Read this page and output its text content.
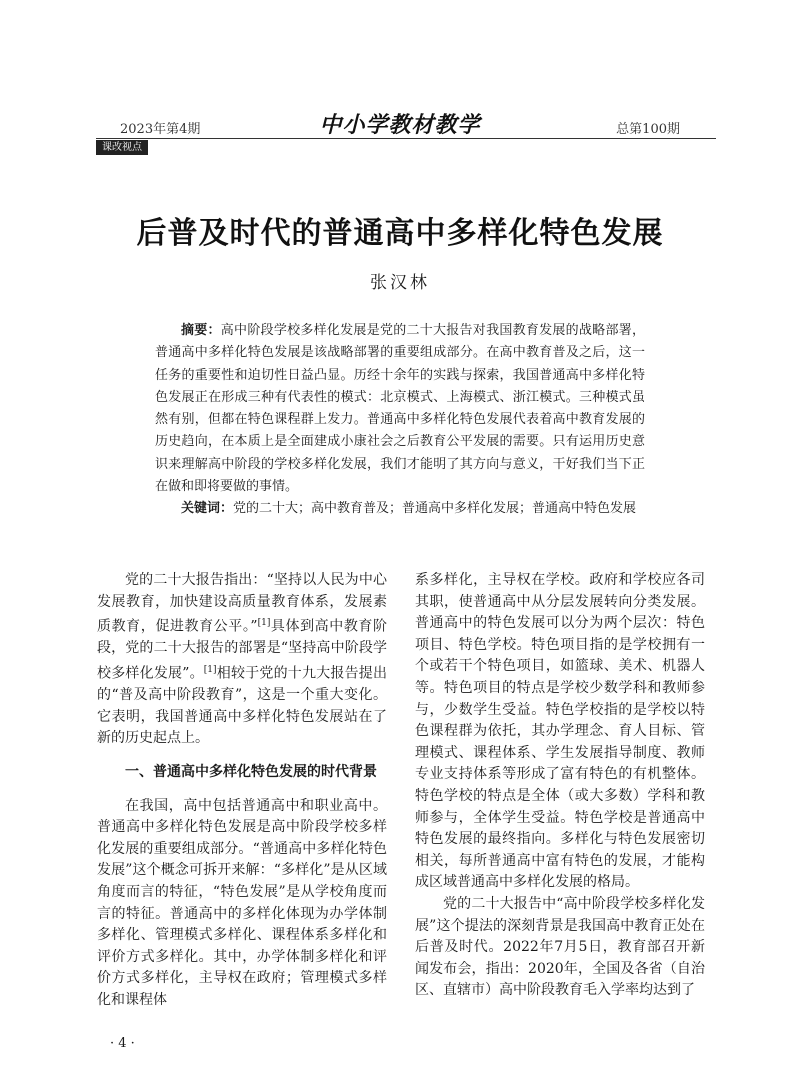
2023年第4期	中小学教材教学	总第100期
课改视点
后普及时代的普通高中多样化特色发展
张汉林

摘要：高中阶段学校多样化发展是党的二十大报告对我国教育发展的战略部署，普通高中多样化特色发展是该战略部署的重要组成部分。在高中教育普及之后，这一任务的重要性和迫切性日益凸显。历经十余年的实践与探索，我国普通高中多样化特色发展正在形成三种有代表性的模式：北京模式、上海模式、浙江模式。三种模式虽然有别，但都在特色课程群上发力。普通高中多样化特色发展代表着高中教育发展的历史趋向，在本质上是全面建成小康社会之后教育公平发展的需要。只有运用历史意识来理解高中阶段的学校多样化发展，我们才能明了其方向与意义，干好我们当下正在做和即将要做的事情。

关键词：党的二十大；高中教育普及；普通高中多样化发展；普通高中特色发展

党的二十大报告指出：“坚持以人民为中心发展教育，加快建设高质量教育体系，发展素质教育，促进教育公平。”[1]具体到高中教育阶段，党的二十大报告的部署是“坚持高中阶段学校多样化发展”。[1]相较于党的十九大报告提出的“普及高中阶段教育”，这是一个重大变化。它表明，我国普通高中多样化特色发展站在了新的历史起点上。

一、普通高中多样化特色发展的时代背景

在我国，高中包括普通高中和职业高中。普通高中多样化特色发展是高中阶段学校多样化发展的重要组成部分。“普通高中多样化特色发展”这个概念可拆开来解：“多样化”是从区域角度而言的特征，“特色发展”是从学校角度而言的特征。普通高中的多样化体现为办学体制多样化、管理模式多样化、课程体系多样化和评价方式多样化。其中，办学体制多样化和评价方式多样化，主导权在政府；管理模式多样化和课程体

系多样化，主导权在学校。政府和学校应各司其职，使普通高中从分层发展转向分类发展。普通高中的特色发展可以分为两个层次：特色项目、特色学校。特色项目指的是学校拥有一个或若干个特色项目，如篮球、美术、机器人等。特色项目的特点是学校少数学科和教师参与，少数学生受益。特色学校指的是学校以特色课程群为依托，其办学理念、育人目标、管理模式、课程体系、学生发展指导制度、教师专业支持体系等形成了富有特色的有机整体。特色学校的特点是全体（或大多数）学科和教师参与，全体学生受益。特色学校是普通高中特色发展的最终指向。多样化与特色发展密切相关，每所普通高中富有特色的发展，才能构成区域普通高中多样化发展的格局。

党的二十大报告中“高中阶段学校多样化发展”这个提法的深刻背景是我国高中教育正处在后普及时代。2022年7月5日，教育部召开新闻发布会，指出：2020年，全国及各省（自治区、直辖市）高中阶段教育毛入学率均达到了

· 4 ·
